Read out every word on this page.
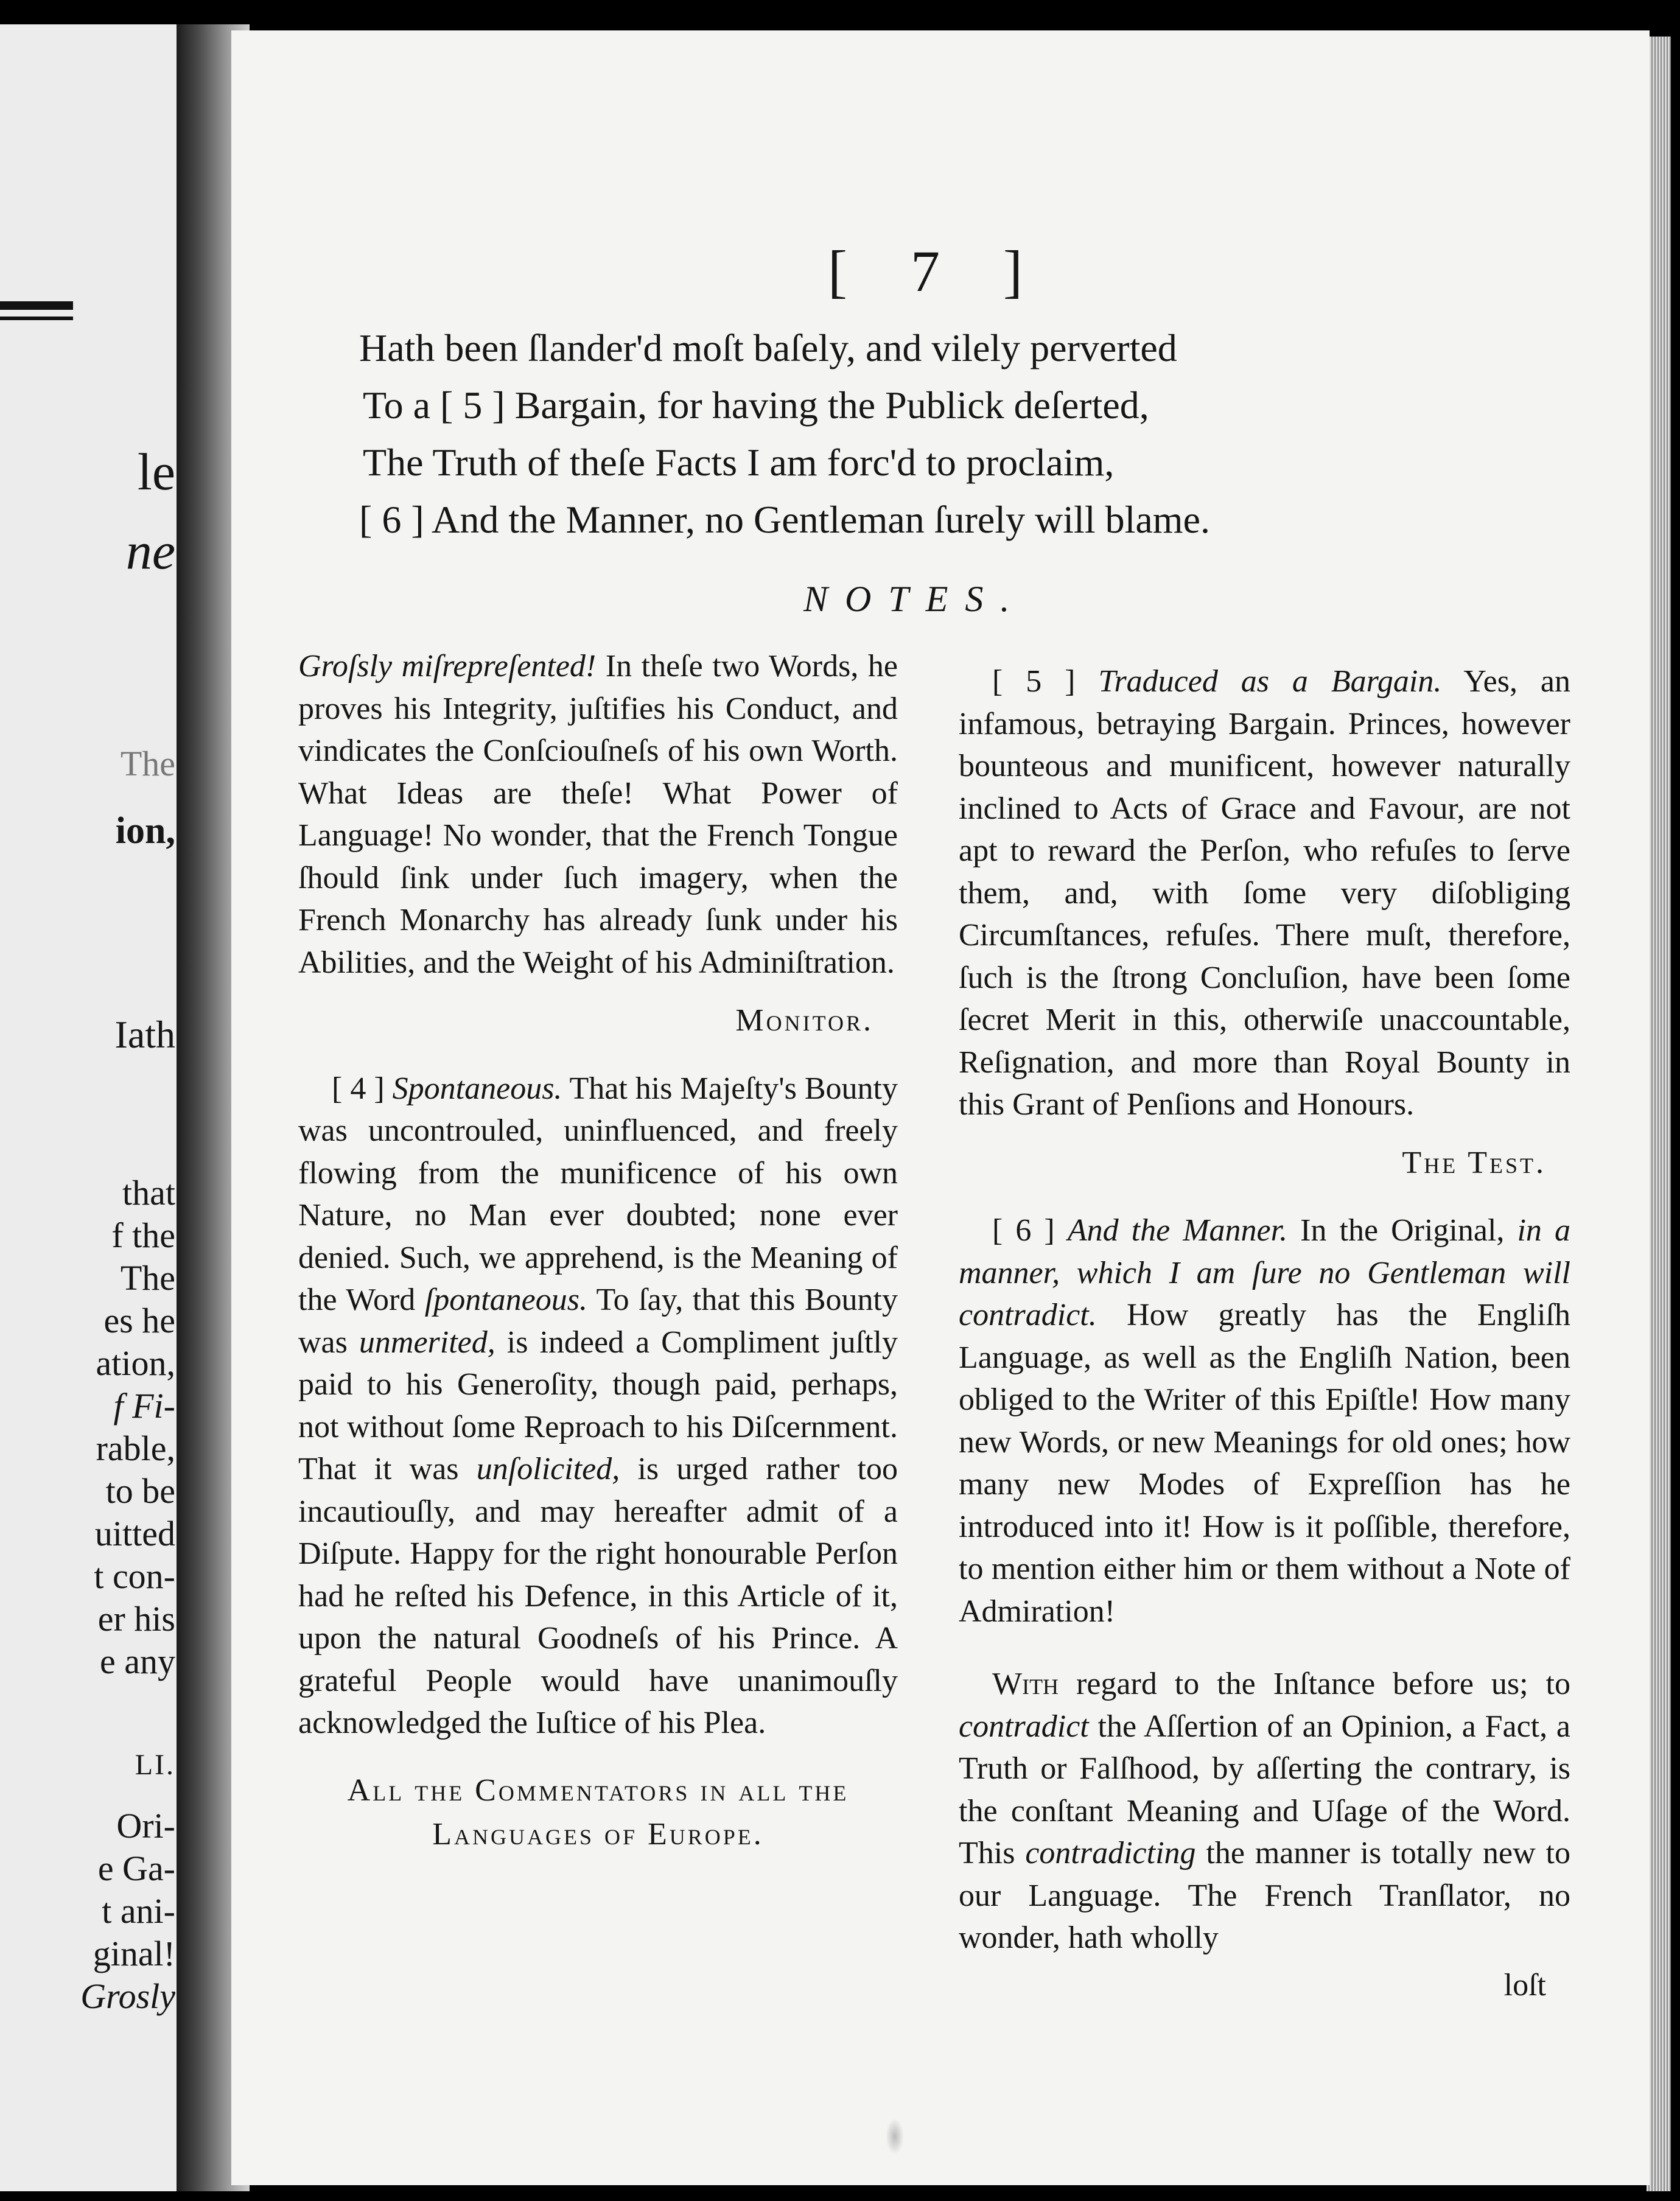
le
ne
The
ion,
Iath
that
f the
The
es he
ation,
f Fi-
rable,
to be
uitted
t con-
er his
e any
LI.
Ori-
e Ga-
t ani-
ginal!
Grosly
[ 7 ]
Hath been ſlander'd moſt baſely, and vilely perverted
To a [ 5 ] Bargain, for having the Publick deſerted,
The Truth of theſe Facts I am forc'd to proclaim,
[ 6 ] And the Manner, no Gentleman ſurely will blame.
NOTES.

Groſsly miſrepreſented! In theſe two Words, he proves his Integrity, juſtifies his Conduct, and vindicates the Conſciouſneſs of his own Worth. What Ideas are theſe! What Power of Language! No wonder, that the French Tongue ſhould ſink under ſuch imagery, when the French Monarchy has already ſunk under his Abilities, and the Weight of his Adminiſtration.

Monitor.

[ 4 ] Spontaneous. That his Majeſty's Bounty was uncontrouled, uninfluenced, and freely flowing from the munificence of his own Nature, no Man ever doubted; none ever denied. Such, we apprehend, is the Meaning of the Word ſpontaneous. To ſay, that this Bounty was unmerited, is indeed a Compliment juſtly paid to his Generoſity, though paid, perhaps, not without ſome Reproach to his Diſcernment. That it was unſolicited, is urged rather too incautiouſly, and may hereafter admit of a Diſpute. Happy for the right honourable Perſon had he reſted his Defence, in this Article of it, upon the natural Goodneſs of his Prince. A grateful People would have unanimouſly acknowledged the Iuſtice of his Plea.

All the Commentators in all the
Languages of Europe.

[ 5 ] Traduced as a Bargain. Yes, an infamous, betraying Bargain. Princes, however bounteous and munificent, however naturally inclined to Acts of Grace and Favour, are not apt to reward the Perſon, who refuſes to ſerve them, and, with ſome very diſobliging Circumſtances, refuſes. There muſt, therefore, ſuch is the ſtrong Concluſion, have been ſome ſecret Merit in this, otherwiſe unaccountable, Reſignation, and more than Royal Bounty in this Grant of Penſions and Honours.

The Test.

[ 6 ] And the Manner. In the Original, in a manner, which I am ſure no Gentleman will contradict. How greatly has the Engliſh Language, as well as the Engliſh Nation, been obliged to the Writer of this Epiſtle! How many new Words, or new Meanings for old ones; how many new Modes of Expreſſion has he introduced into it! How is it poſſible, therefore, to mention either him or them without a Note of Admiration!

With regard to the Inſtance before us; to contradict the Aſſertion of an Opinion, a Fact, a Truth or Falſhood, by aſſerting the contrary, is the conſtant Meaning and Uſage of the Word. This contradicting the manner is totally new to our Language. The French Tranſlator, no wonder, hath wholly

loſt
